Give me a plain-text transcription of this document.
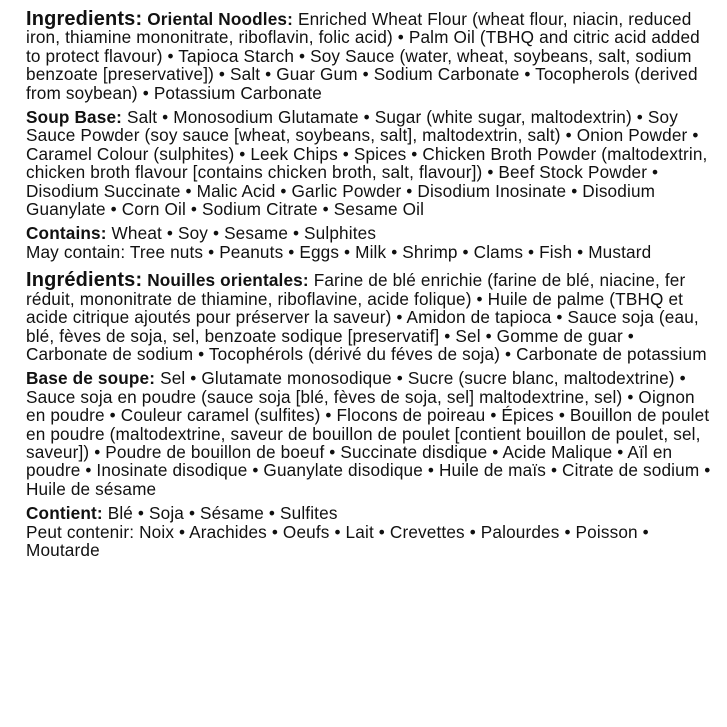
Ingredients: Oriental Noodles: Enriched Wheat Flour (wheat flour, niacin, reduced iron, thiamine mononitrate, riboflavin, folic acid) • Palm Oil (TBHQ and citric acid added to protect flavour) • Tapioca Starch • Soy Sauce (water, wheat, soybeans, salt, sodium benzoate [preservative]) • Salt • Guar Gum • Sodium Carbonate • Tocopherols (derived from soybean) • Potassium Carbonate

Soup Base: Salt • Monosodium Glutamate • Sugar (white sugar, maltodextrin) • Soy Sauce Powder (soy sauce [wheat, soybeans, salt], maltodextrin, salt) • Onion Powder • Caramel Colour (sulphites) • Leek Chips • Spices • Chicken Broth Powder (maltodextrin, chicken broth flavour [contains chicken broth, salt, flavour]) • Beef Stock Powder • Disodium Succinate • Malic Acid • Garlic Powder • Disodium Inosinate • Disodium Guanylate • Corn Oil • Sodium Citrate • Sesame Oil

Contains: Wheat • Soy • Sesame • Sulphites

May contain: Tree nuts • Peanuts • Eggs • Milk • Shrimp • Clams • Fish • Mustard

Ingrédients: Nouilles orientales: Farine de blé enrichie (farine de blé, niacine, fer réduit, mononitrate de thiamine, riboflavine, acide folique) • Huile de palme (TBHQ et acide citrique ajoutés pour préserver la saveur) • Amidon de tapioca • Sauce soja (eau, blé, fèves de soja, sel, benzoate sodique [preservatif] • Sel • Gomme de guar • Carbonate de sodium • Tocophérols (dérivé du féves de soja) • Carbonate de potassium

Base de soupe: Sel • Glutamate monosodique • Sucre (sucre blanc, maltodextrine) • Sauce soja en poudre (sauce soja [blé, fèves de soja, sel] maltodextrine, sel) • Oignon en poudre • Couleur caramel (sulfites) • Flocons de poireau • Épices • Bouillon de poulet en poudre (maltodextrine, saveur de bouillon de poulet [contient bouillon de poulet, sel, saveur]) • Poudre de bouillon de boeuf • Succinate disdique • Acide Malique • Aïl en poudre • Inosinate disodique • Guanylate disodique • Huile de maïs • Citrate de sodium • Huile de sésame

Contient: Blé • Soja • Sésame • Sulfites

Peut contenir: Noix • Arachides • Oeufs • Lait • Crevettes • Palourdes • Poisson • Moutarde
